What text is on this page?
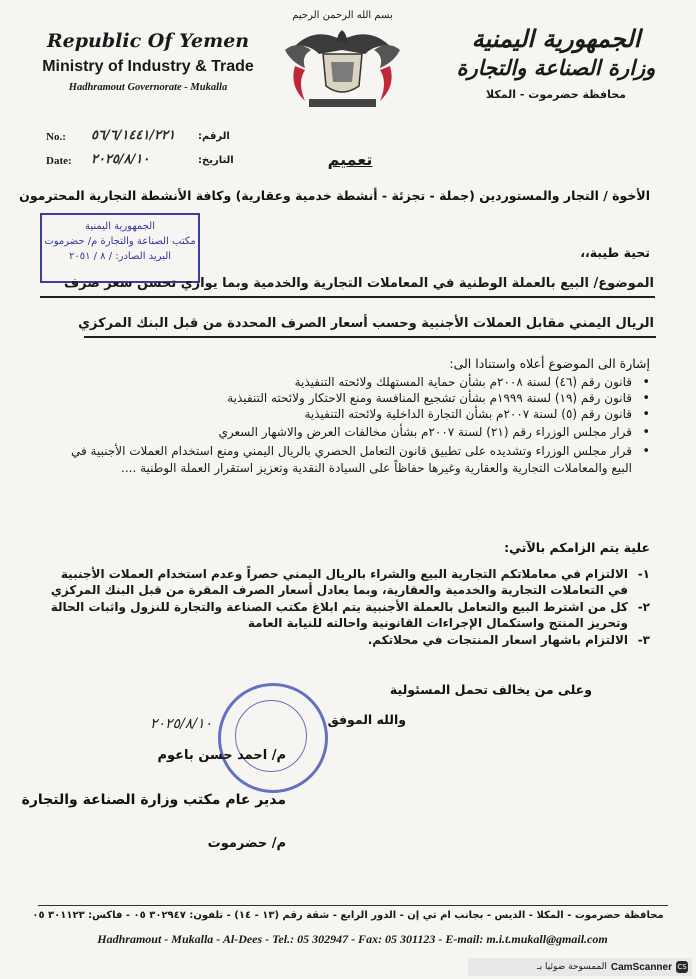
Republic Of Yemen
Ministry of Industry & Trade
Hadhramout Governorate - Mukalla
بسم الله الرحمن الرحيم
الجمهورية اليمنية
وزارة الصناعة والتجارة
محافظة حضرموت - المكلا
No.: ٥٦/٦/١٤٤١/٢٢١ الرقم:
Date: ٢٠٢٥/٨/١٠	التاريخ:	تعميم
الأخوة / التجار والمستوردين (جملة - تجزئة - أنشطة خدمية وعقارية) وكافة الأنشطة التجارية المحترمون
تحية طيبة،،
الجمهورية اليمنية
مكتب الصناعة والتجارة م/ حضرموت
البريد الصادر: / ٨ / ٢٠٥١
الموضوع/ البيع بالعملة الوطنية في المعاملات التجارية والخدمية وبما يوازي تحسن سعر صرف
الريال اليمني مقابل العملات الأجنبية وحسب أسعار الصرف المحددة من قبل البنك المركزي
إشارة الى الموضوع أعلاه واستنادا الى:
• قانون رقم (٤٦) لسنة ٢٠٠٨م بشأن حماية المستهلك ولائحته التنفيذية
• قانون رقم (١٩) لسنة ١٩٩٩م بشأن تشجيع المنافسة ومنع الاحتكار ولائحته التنفيذية
• قانون رقم (٥) لسنة ٢٠٠٧م بشأن التجارة الداخلية ولائحته التنفيذية
• قرار مجلس الوزراء رقم (٢١) لسنة ٢٠٠٧م بشأن مخالفات العرض والاشهار السعري
• قرار مجلس الوزراء وتشديده على تطبيق قانون التعامل الحصري بالريال اليمني ومنع استخدام العملات الأجنبية في البيع والمعاملات التجارية والعقارية وغيرها حفاظاً على السيادة النقدية وتعزيز استقرار العملة الوطنية ....
علية يتم الزامكم بالآتي:
١-
الالتزام في معاملاتكم التجارية البيع والشراء بالريال اليمني حصراً وعدم استخدام العملات الأجنبية في التعاملات التجارية والخدمية والعقارية، وبما يعادل أسعار الصرف المقرة من قبل البنك المركزي
٢-
كل من اشترط البيع والتعامل بالعملة الأجنبية يتم ابلاغ مكتب الصناعة والتجارة للنزول واثبات الحالة وتحريز المنتج واستكمال الإجراءات القانونية واحالته للنيابة العامة
٣-
الالتزام باشهار اسعار المنتجات في محلاتكم.
وعلى من يخالف تحمل المسئولية
والله الموفق
٢٠٢٥/٨/١٠
م/ احمد حسن باعوم
مدير عام مكتب وزارة الصناعة والتجارة
م/ حضرموت
محافظة حضرموت - المكلا - الديس - بجانب ام تي إن - الدور الرابع - شقة رقم (١٣ - ١٤) - تلفون: ٣٠٢٩٤٧ ٠٥ - فاكس: ٣٠١١٢٣ ٠٥
Hadhramout - Mukalla - Al-Dees - Tel.: 05 302947 - Fax: 05 301123 - E-mail: m.i.t.mukall@gmail.com
CS
CamScanner
الممسوحة ضوئيا بـ
